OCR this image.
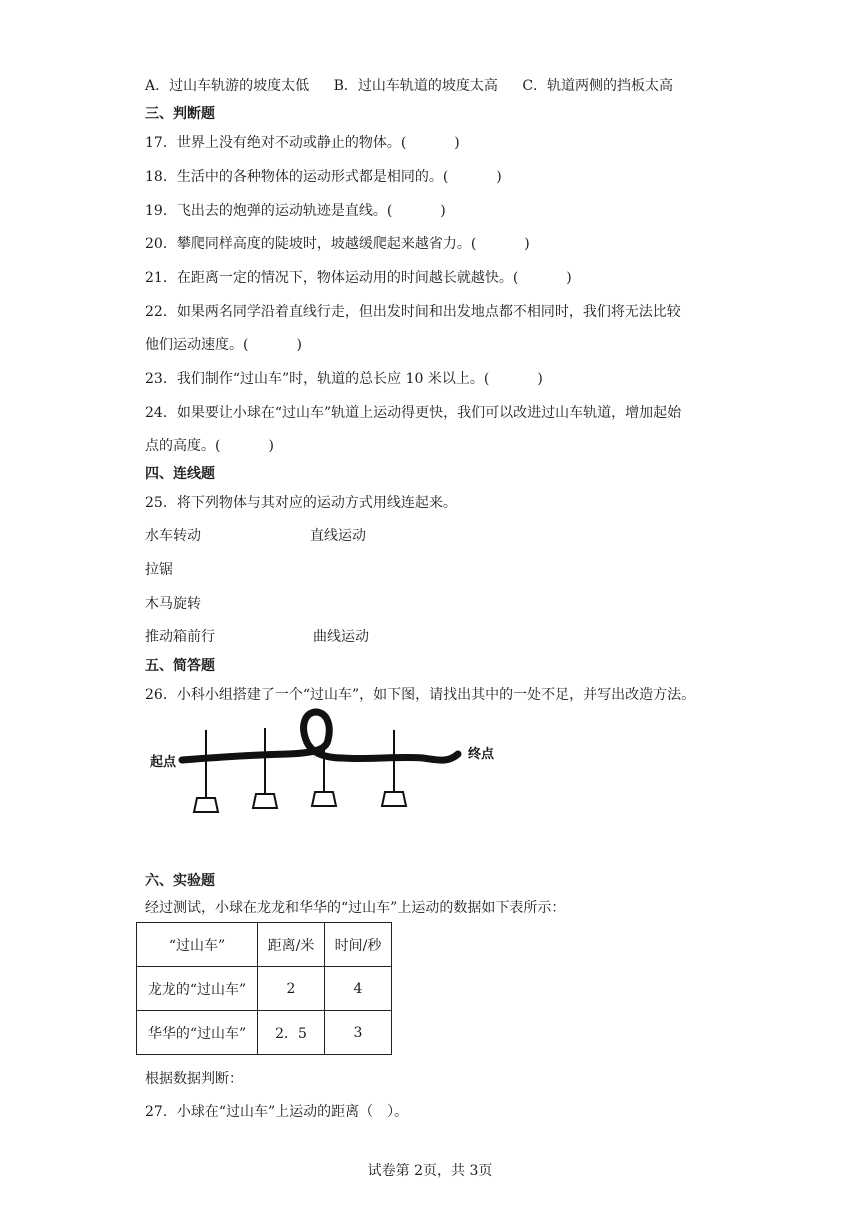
A．过山车轨游的坡度太低 B．过山车轨道的坡度太高 C．轨道两侧的挡板太高
三、判断题
17．世界上没有绝对不动或静止的物体。(	)
18．生活中的各种物体的运动形式都是相同的。(	)
19．飞出去的炮弹的运动轨迹是直线。(	)
20．攀爬同样高度的陡坡时，坡越缓爬起来越省力。(	)
21．在距离一定的情况下，物体运动用的时间越长就越快。(	)
22．如果两名同学沿着直线行走，但出发时间和出发地点都不相同时，我们将无法比较
他们运动速度。(	)
23．我们制作“过山车”时，轨道的总长应 10 米以上。(	)
24．如果要让小球在“过山车”轨道上运动得更快，我们可以改进过山车轨道，增加起始
点的高度。(	)
四、连线题
25．将下列物体与其对应的运动方式用线连起来。
水车转动	直线运动
拉锯
木马旋转
推动箱前行	曲线运动
五、简答题
26．小科小组搭建了一个“过山车”，如下图，请找出其中的一处不足，并写出改造方法。
起点
终点
六、实验题
经过测试，小球在龙龙和华华的“过山车”上运动的数据如下表所示：
“过山车”	距离/米	时间/秒
龙龙的“过山车”	2	4
华华的“过山车”	2．5	3
根据数据判断：
27．小球在“过山车”上运动的距离（　）。
试卷第 2页，共 3页
